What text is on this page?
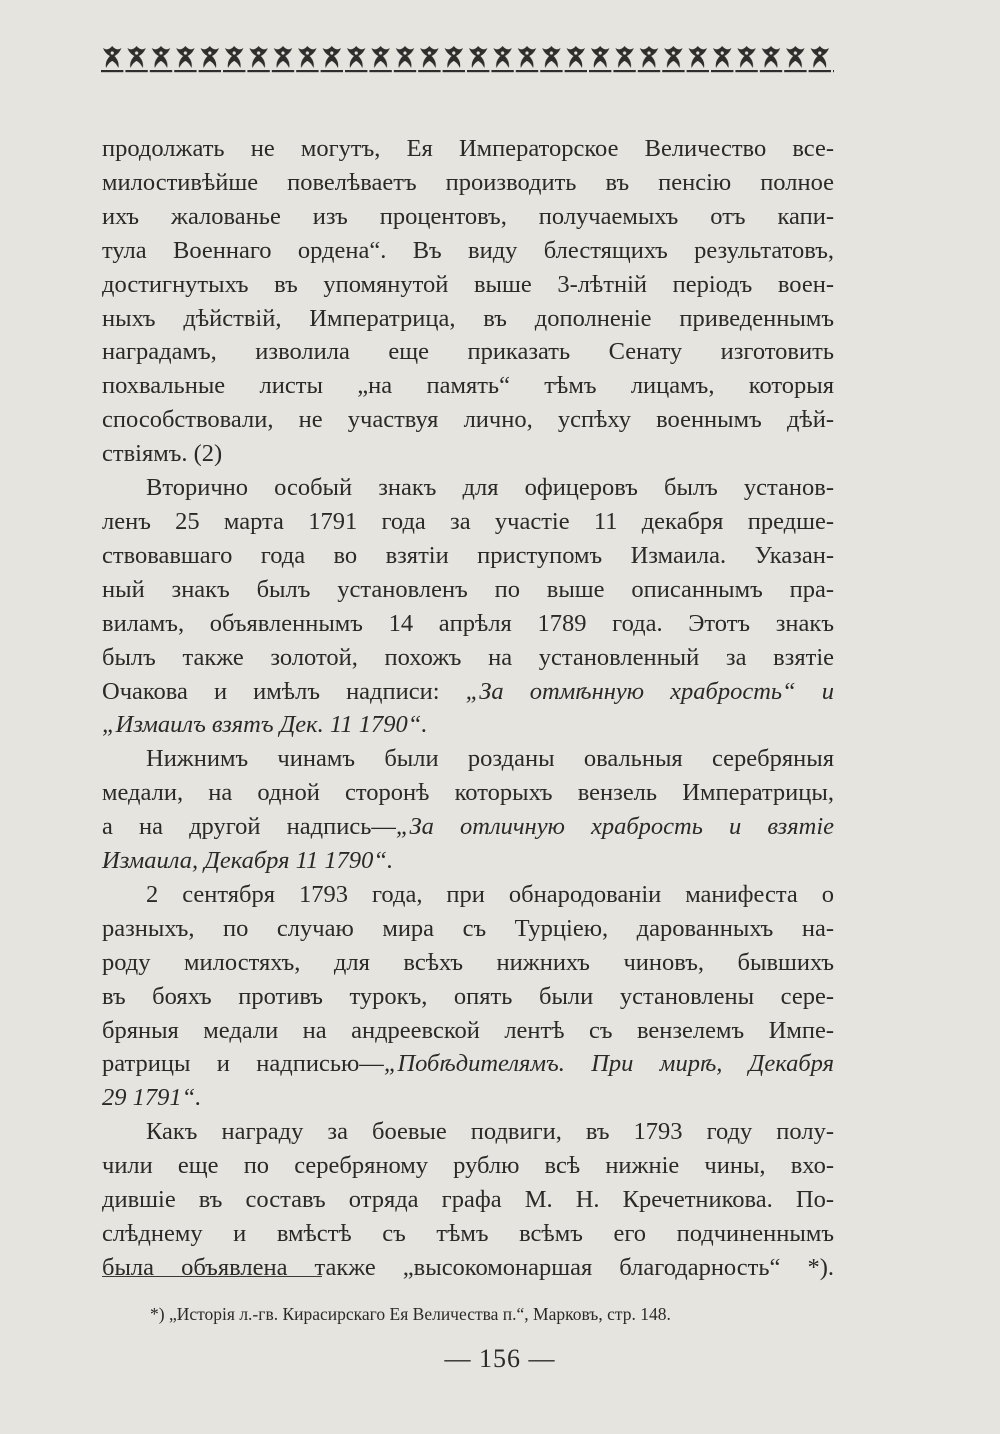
продолжать не могутъ, Ея Императорское Величество все-
милостивѣйше повелѣваетъ производить въ пенсію полное
ихъ жалованье изъ процентовъ, получаемыхъ отъ капи-
тула Военнаго ордена“. Въ виду блестящихъ результатовъ,
достигнутыхъ въ упомянутой выше 3-лѣтній періодъ воен-
ныхъ дѣйствій, Императрица, въ дополненіе приведеннымъ
наградамъ, изволила еще приказать Сенату изготовить
похвальные листы „на память“ тѣмъ лицамъ, которыя
способствовали, не участвуя лично, успѣху военнымъ дѣй-
ствіямъ. (2)
Вторично особый знакъ для офицеровъ былъ установ-
ленъ 25 марта 1791 года за участіе 11 декабря предше-
ствовавшаго года во взятіи приступомъ Измаила. Указан-
ный знакъ былъ установленъ по выше описаннымъ пра-
виламъ, объявленнымъ 14 aпрѣля 1789 года. Этотъ знакъ
былъ также золотой, похожъ на установленный за взятіе
Очакова и имѣлъ надписи: „За отмѣнную храбрость“ и
„Измаилъ взятъ Дек. 11 1790“.
Нижнимъ чинамъ были розданы овальныя серебряныя
медали, на одной сторонѣ которыхъ вензель Императрицы,
а на другой надпись—„За отличную храбрость и взятіе
Измаила, Декабря 11 1790“.
2 сентября 1793 года, при обнародованіи манифеста о
разныхъ, по случаю мира съ Турціею, дарованныхъ на-
роду милостяхъ, для всѣхъ нижнихъ чиновъ, бывшихъ
въ бояхъ противъ турокъ, опять были установлены сере-
бряныя медали на андреевской лентѣ съ вензелемъ Импе-
ратрицы и надписью—„Побѣдителямъ. При мирѣ, Декабря
29 1791“.
Какъ награду за боевые подвиги, въ 1793 году полу-
чили еще по серебряному рублю всѣ нижніе чины, вхо-
дившіе въ составъ отряда графа М. Н. Кречетникова. По-
слѣднему и вмѣстѣ съ тѣмъ всѣмъ его подчиненнымъ
была объявлена также „высокомонаршая благодарность“ *).
*) „Исторія л.-гв. Кирасирскаго Ея Величества п.“, Марковъ, стр. 148.
— 156 —
